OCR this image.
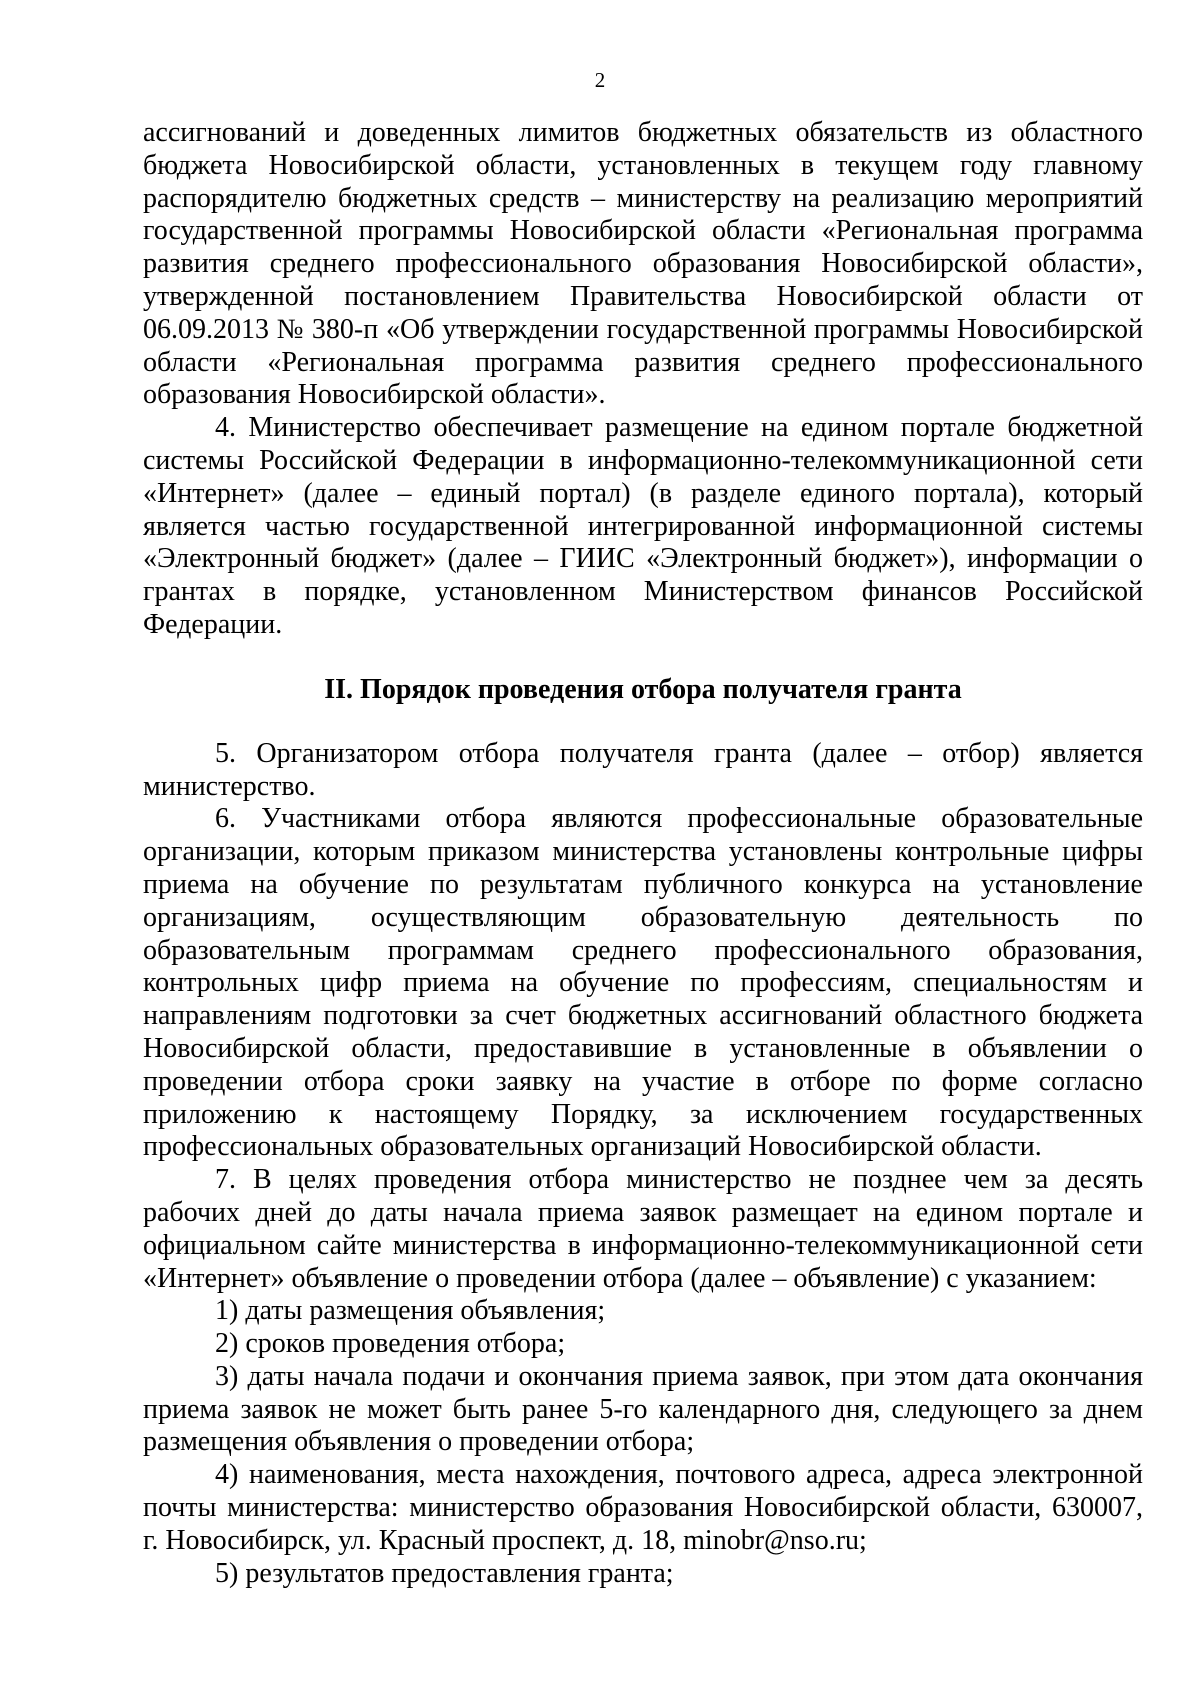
2

ассигнований и доведенных лимитов бюджетных обязательств из областного бюджета Новосибирской области, установленных в текущем году главному распорядителю бюджетных средств – министерству на реализацию мероприятий государственной программы Новосибирской области «Региональная программа развития среднего профессионального образования Новосибирской области», утвержденной постановлением Правительства Новосибирской области от 06.09.2013 № 380-п «Об утверждении государственной программы Новосибирской области «Региональная программа развития среднего профессионального образования Новосибирской области».

4. Министерство обеспечивает размещение на едином портале бюджетной системы Российской Федерации в информационно-телекоммуникационной сети «Интернет» (далее – единый портал) (в разделе единого портала), который является частью государственной интегрированной информационной системы «Электронный бюджет» (далее – ГИИС «Электронный бюджет»), информации о грантах в порядке, установленном Министерством финансов Российской Федерации.

II. Порядок проведения отбора получателя гранта

5. Организатором отбора получателя гранта (далее – отбор) является министерство.

6. Участниками отбора являются профессиональные образовательные организации, которым приказом министерства установлены контрольные цифры приема на обучение по результатам публичного конкурса на установление организациям, осуществляющим образовательную деятельность по образовательным программам среднего профессионального образования, контрольных цифр приема на обучение по профессиям, специальностям и направлениям подготовки за счет бюджетных ассигнований областного бюджета Новосибирской области, предоставившие в установленные в объявлении о проведении отбора сроки заявку на участие в отборе по форме согласно приложению к настоящему Порядку, за исключением государственных профессиональных образовательных организаций Новосибирской области.

7. В целях проведения отбора министерство не позднее чем за десять рабочих дней до даты начала приема заявок размещает на едином портале и официальном сайте министерства в информационно-телекоммуникационной сети «Интернет» объявление о проведении отбора (далее – объявление) с указанием:

1) даты размещения объявления;

2) сроков проведения отбора;

3) даты начала подачи и окончания приема заявок, при этом дата окончания приема заявок не может быть ранее 5-го календарного дня, следующего за днем размещения объявления о проведении отбора;

4) наименования, места нахождения, почтового адреса, адреса электронной почты министерства: министерство образования Новосибирской области, 630007, г. Новосибирск, ул. Красный проспект, д. 18, minobr@nso.ru;

5) результатов предоставления гранта;
